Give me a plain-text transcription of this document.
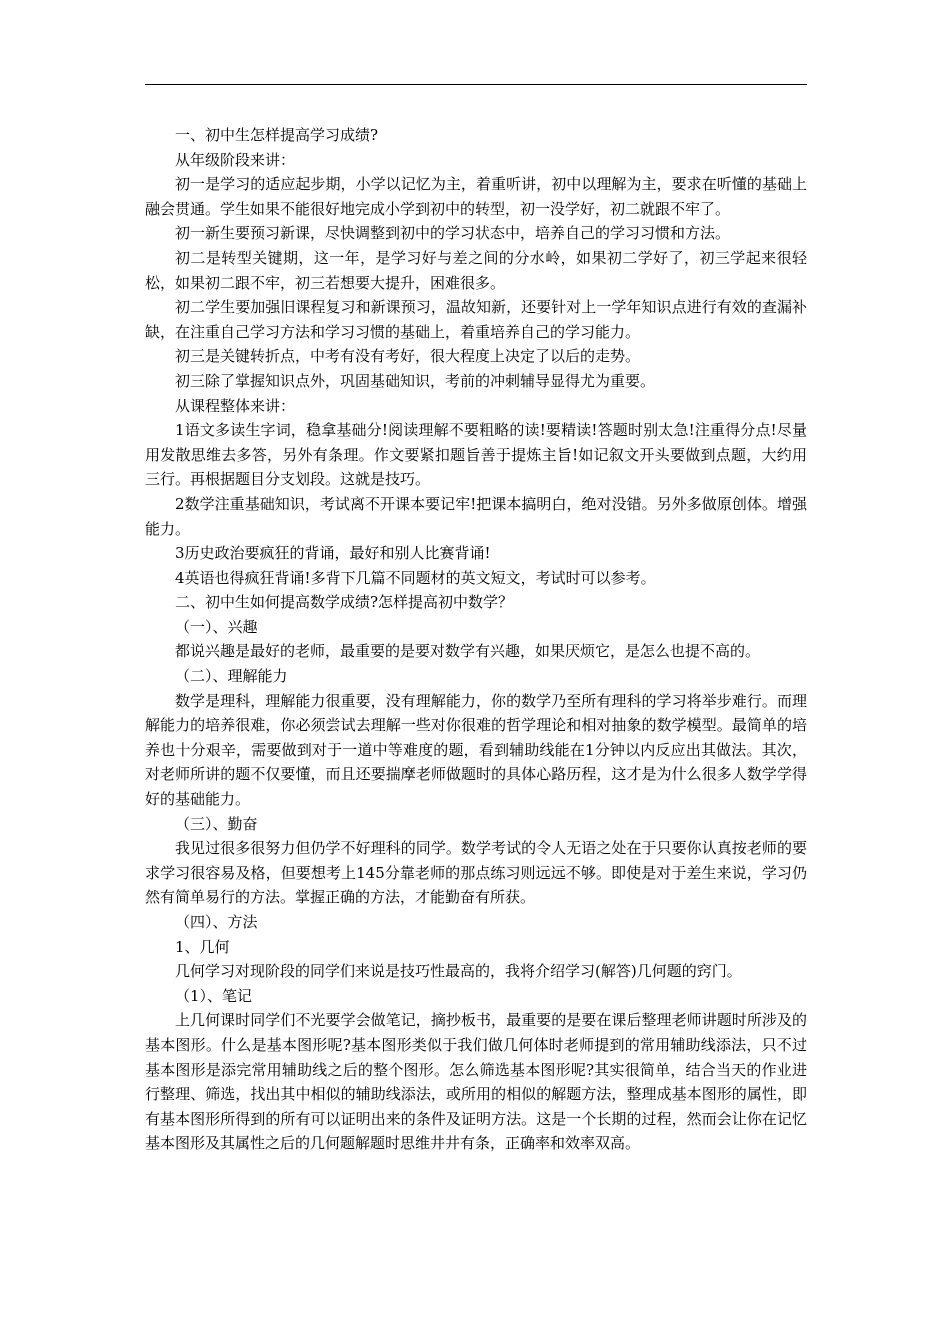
一、初中生怎样提高学习成绩?

从年级阶段来讲：

初一是学习的适应起步期，小学以记忆为主，着重听讲，初中以理解为主，要求在听懂的基础上融会贯通。学生如果不能很好地完成小学到初中的转型，初一没学好，初二就跟不牢了。

初一新生要预习新课，尽快调整到初中的学习状态中，培养自己的学习习惯和方法。

初二是转型关键期，这一年，是学习好与差之间的分水岭，如果初二学好了，初三学起来很轻松，如果初二跟不牢，初三若想要大提升，困难很多。

初二学生要加强旧课程复习和新课预习，温故知新，还要针对上一学年知识点进行有效的查漏补缺，在注重自己学习方法和学习习惯的基础上，着重培养自己的学习能力。

初三是关键转折点，中考有没有考好，很大程度上决定了以后的走势。

初三除了掌握知识点外，巩固基础知识，考前的冲刺辅导显得尤为重要。

从课程整体来讲：

1语文多读生字词，稳拿基础分!阅读理解不要粗略的读!要精读!答题时别太急!注重得分点!尽量用发散思维去多答，另外有条理。作文要紧扣题旨善于提炼主旨!如记叙文开头要做到点题，大约用三行。再根据题目分支划段。这就是技巧。

2数学注重基础知识，考试离不开课本要记牢!把课本搞明白，绝对没错。另外多做原创体。增强能力。

3历史政治要疯狂的背诵，最好和别人比赛背诵!

4英语也得疯狂背诵!多背下几篇不同题材的英文短文，考试时可以参考。

二、初中生如何提高数学成绩?怎样提高初中数学？

（一）、兴趣

都说兴趣是最好的老师，最重要的是要对数学有兴趣，如果厌烦它，是怎么也提不高的。

（二）、理解能力

数学是理科，理解能力很重要，没有理解能力，你的数学乃至所有理科的学习将举步难行。而理解能力的培养很难，你必须尝试去理解一些对你很难的哲学理论和相对抽象的数学模型。最简单的培养也十分艰辛，需要做到对于一道中等难度的题，看到辅助线能在1分钟以内反应出其做法。其次，对老师所讲的题不仅要懂，而且还要揣摩老师做题时的具体心路历程，这才是为什么很多人数学学得好的基础能力。

（三）、勤奋

我见过很多很努力但仍学不好理科的同学。数学考试的令人无语之处在于只要你认真按老师的要求学习很容易及格，但要想考上145分靠老师的那点练习则远远不够。即使是对于差生来说，学习仍然有简单易行的方法。掌握正确的方法，才能勤奋有所获。

（四）、方法

1、几何

几何学习对现阶段的同学们来说是技巧性最高的，我将介绍学习(解答)几何题的窍门。

（1）、笔记

上几何课时同学们不光要学会做笔记，摘抄板书，最重要的是要在课后整理老师讲题时所涉及的基本图形。什么是基本图形呢?基本图形类似于我们做几何体时老师提到的常用辅助线添法，只不过基本图形是添完常用辅助线之后的整个图形。怎么筛选基本图形呢?其实很简单，结合当天的作业进行整理、筛选，找出其中相似的辅助线添法，或所用的相似的解题方法，整理成基本图形的属性，即有基本图形所得到的所有可以证明出来的条件及证明方法。这是一个长期的过程，然而会让你在记忆基本图形及其属性之后的几何题解题时思维井井有条，正确率和效率双高。
